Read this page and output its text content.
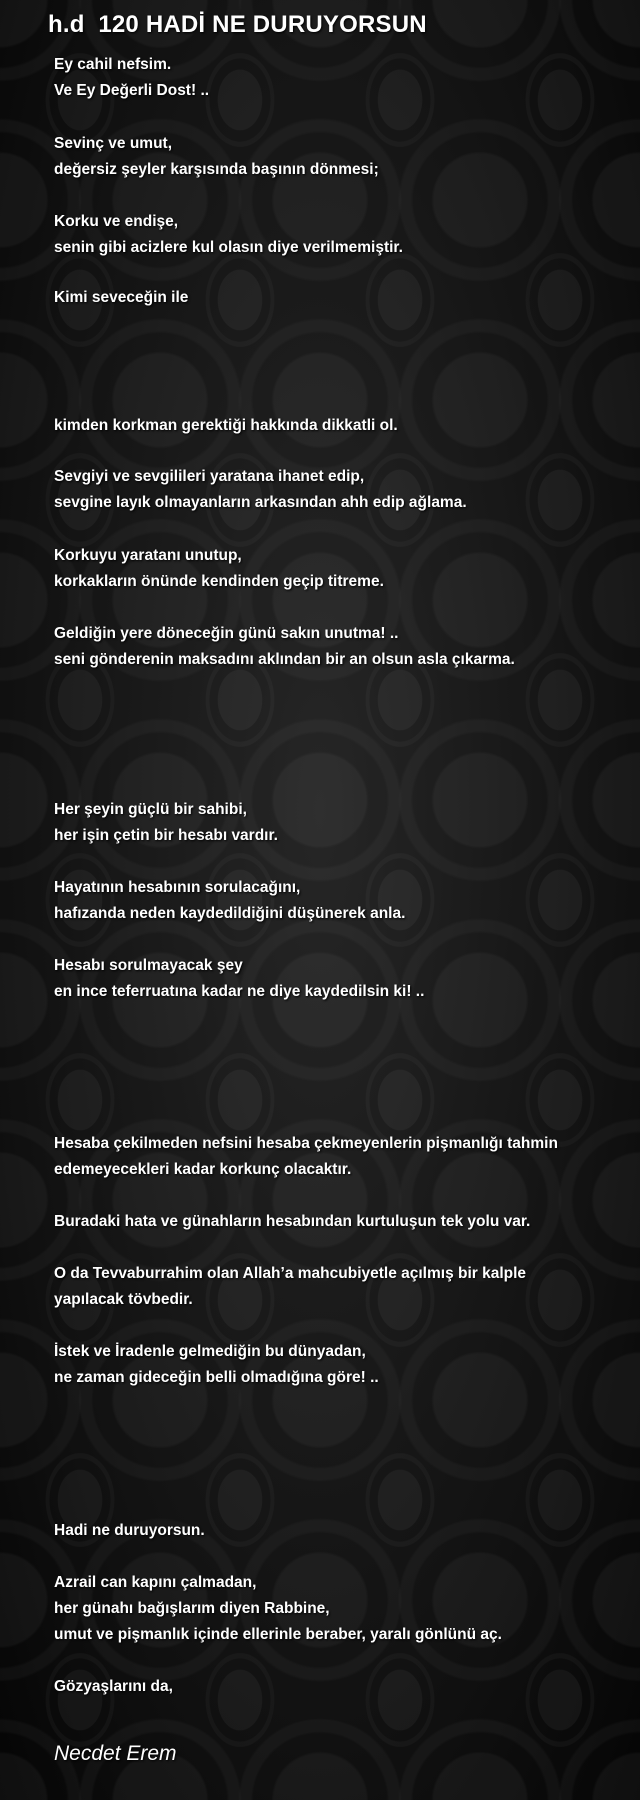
h.d  120 HADİ NE DURUYORSUN
Ey cahil nefsim.
Ve Ey Değerli Dost! ..
Sevinç ve umut,
değersiz şeyler karşısında başının dönmesi;
Korku ve endişe,
senin gibi acizlere kul olasın diye verilmemiştir.
Kimi seveceğin ile
kimden korkman gerektiği hakkında dikkatli ol.
Sevgiyi ve sevgilileri yaratana ihanet edip,
sevgine layık olmayanların arkasından ahh edip ağlama.
Korkuyu yaratanı unutup,
korkakların önünde kendinden geçip titreme.
Geldiğin yere döneceğin günü sakın unutma! ..
seni gönderenin maksadını aklından bir an olsun asla çıkarma.
Her şeyin güçlü bir sahibi,
her işin çetin bir hesabı vardır.
Hayatının hesabının sorulacağını,
hafızanda neden kaydedildiğini düşünerek anla.
Hesabı sorulmayacak şey
en ince teferruatına kadar ne diye kaydedilsin ki! ..
Hesaba çekilmeden nefsini hesaba çekmeyenlerin pişmanlığı tahmin
edemeyecekleri kadar korkunç olacaktır.
Buradaki hata ve günahların hesabından kurtuluşun tek yolu var.
O da Tevvaburrahim olan Allah’a mahcubiyetle açılmış bir kalple
yapılacak tövbedir.
İstek ve İradenle gelmediğin bu dünyadan,
ne zaman gideceğin belli olmadığına göre! ..
Hadi ne duruyorsun.
Azrail can kapını çalmadan,
her günahı bağışlarım diyen Rabbine,
umut ve pişmanlık içinde ellerinle beraber, yaralı gönlünü aç.
Gözyaşlarını da,

Necdet Erem
